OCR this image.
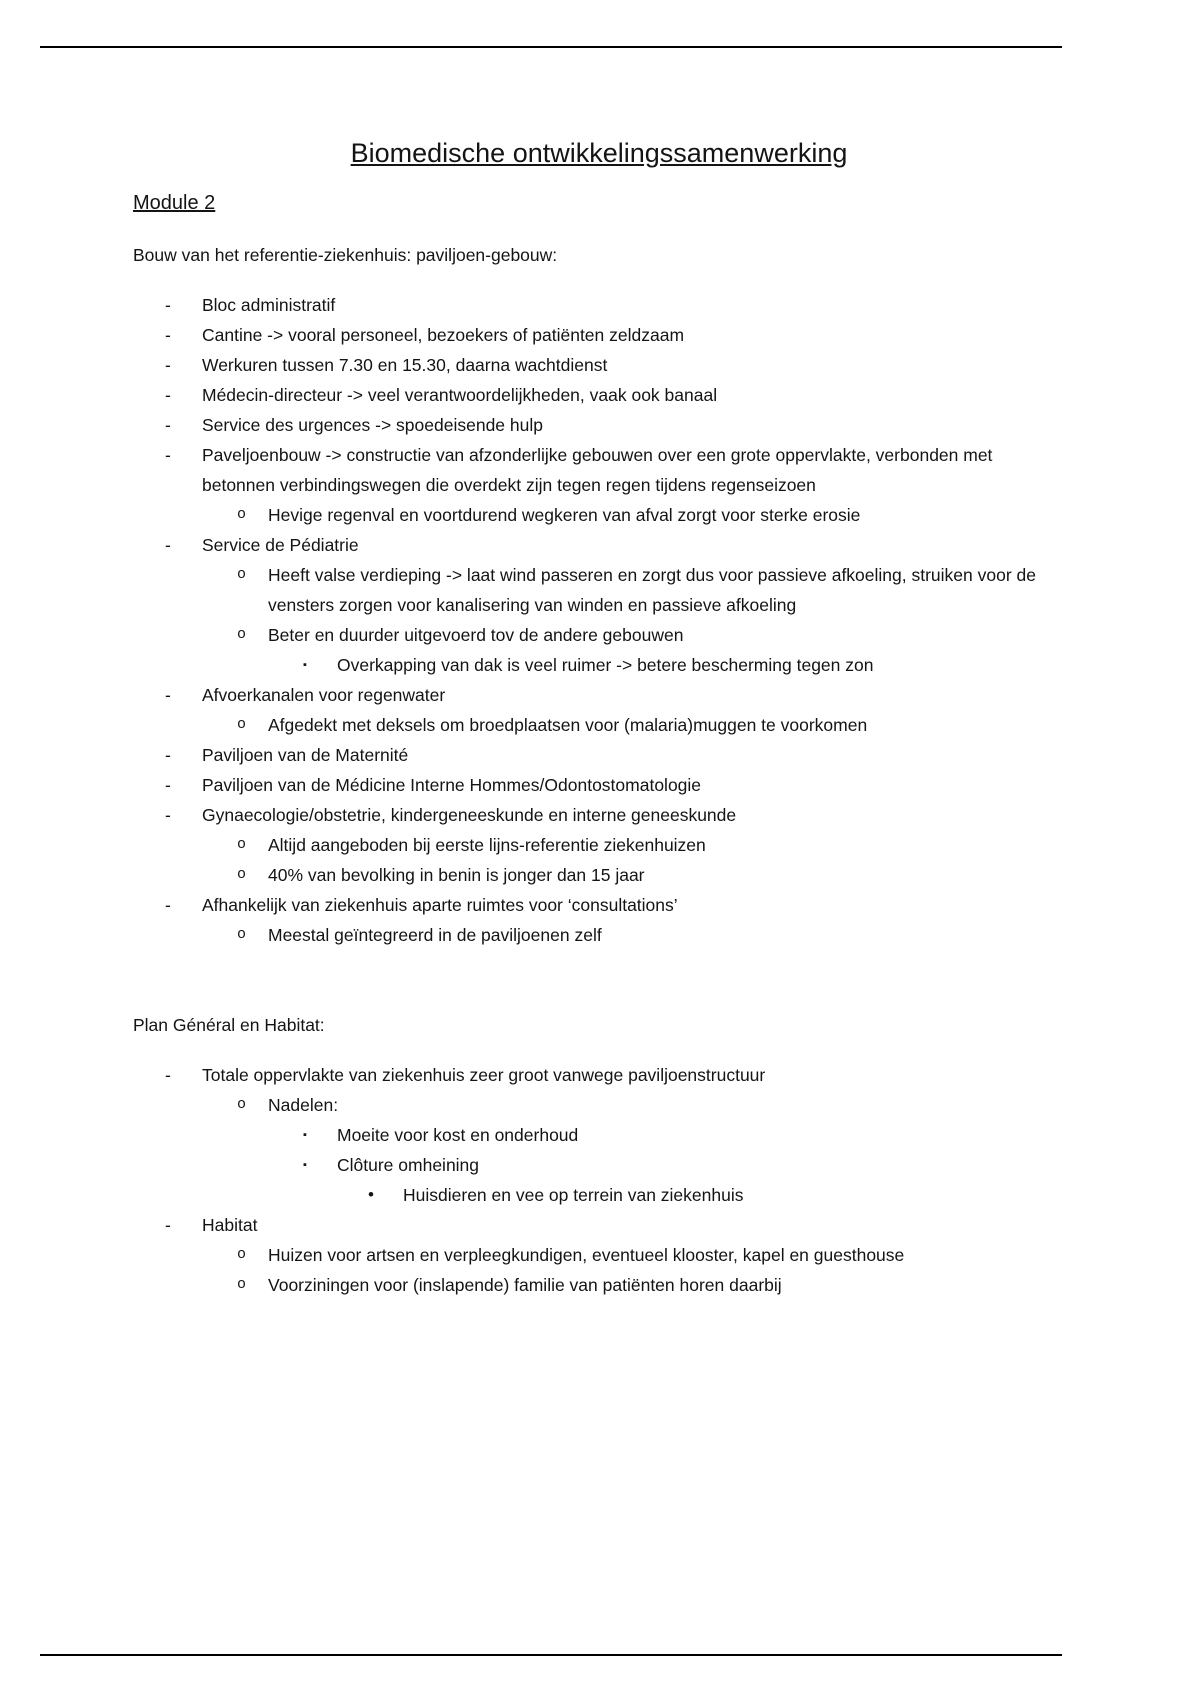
Biomedische ontwikkelingssamenwerking
Module 2
Bouw van het referentie-ziekenhuis: paviljoen-gebouw:
-	Bloc administratif
-	Cantine -> vooral personeel, bezoekers of patiënten zeldzaam
-	Werkuren tussen 7.30 en 15.30, daarna wachtdienst
-	Médecin-directeur -> veel verantwoordelijkheden, vaak ook banaal
-	Service des urgences -> spoedeisende hulp
-	Paveljoenbouw -> constructie van afzonderlijke gebouwen over een grote oppervlakte, verbonden met betonnen verbindingswegen die overdekt zijn tegen regen tijdens regenseizoen
o	Hevige regenval en voortdurend wegkeren van afval zorgt voor sterke erosie
-	Service de Pédiatrie
o	Heeft valse verdieping -> laat wind passeren en zorgt dus voor passieve afkoeling, struiken voor de vensters zorgen voor kanalisering van winden en passieve afkoeling
o	Beter en duurder uitgevoerd tov de andere gebouwen
▪	Overkapping van dak is veel ruimer -> betere bescherming tegen zon
-	Afvoerkanalen voor regenwater
o	Afgedekt met deksels om broedplaatsen voor (malaria)muggen te voorkomen
-	Paviljoen van de Maternité
-	Paviljoen van de Médicine Interne Hommes/Odontostomatologie
-	Gynaecologie/obstetrie, kindergeneeskunde en interne geneeskunde
o	Altijd aangeboden bij eerste lijns-referentie ziekenhuizen
o	40% van bevolking in benin is jonger dan 15 jaar
-	Afhankelijk van ziekenhuis aparte ruimtes voor ‘consultations’
o	Meestal geïntegreerd in de paviljoenen zelf
Plan Général en Habitat:
-	Totale oppervlakte van ziekenhuis zeer groot vanwege paviljoenstructuur
o	Nadelen:
▪	Moeite voor kost en onderhoud
▪	Clôture omheining
•	Huisdieren en vee op terrein van ziekenhuis
-	Habitat
o	Huizen voor artsen en verpleegkundigen, eventueel klooster, kapel en guesthouse
o	Voorziningen voor (inslapende) familie van patiënten horen daarbij
